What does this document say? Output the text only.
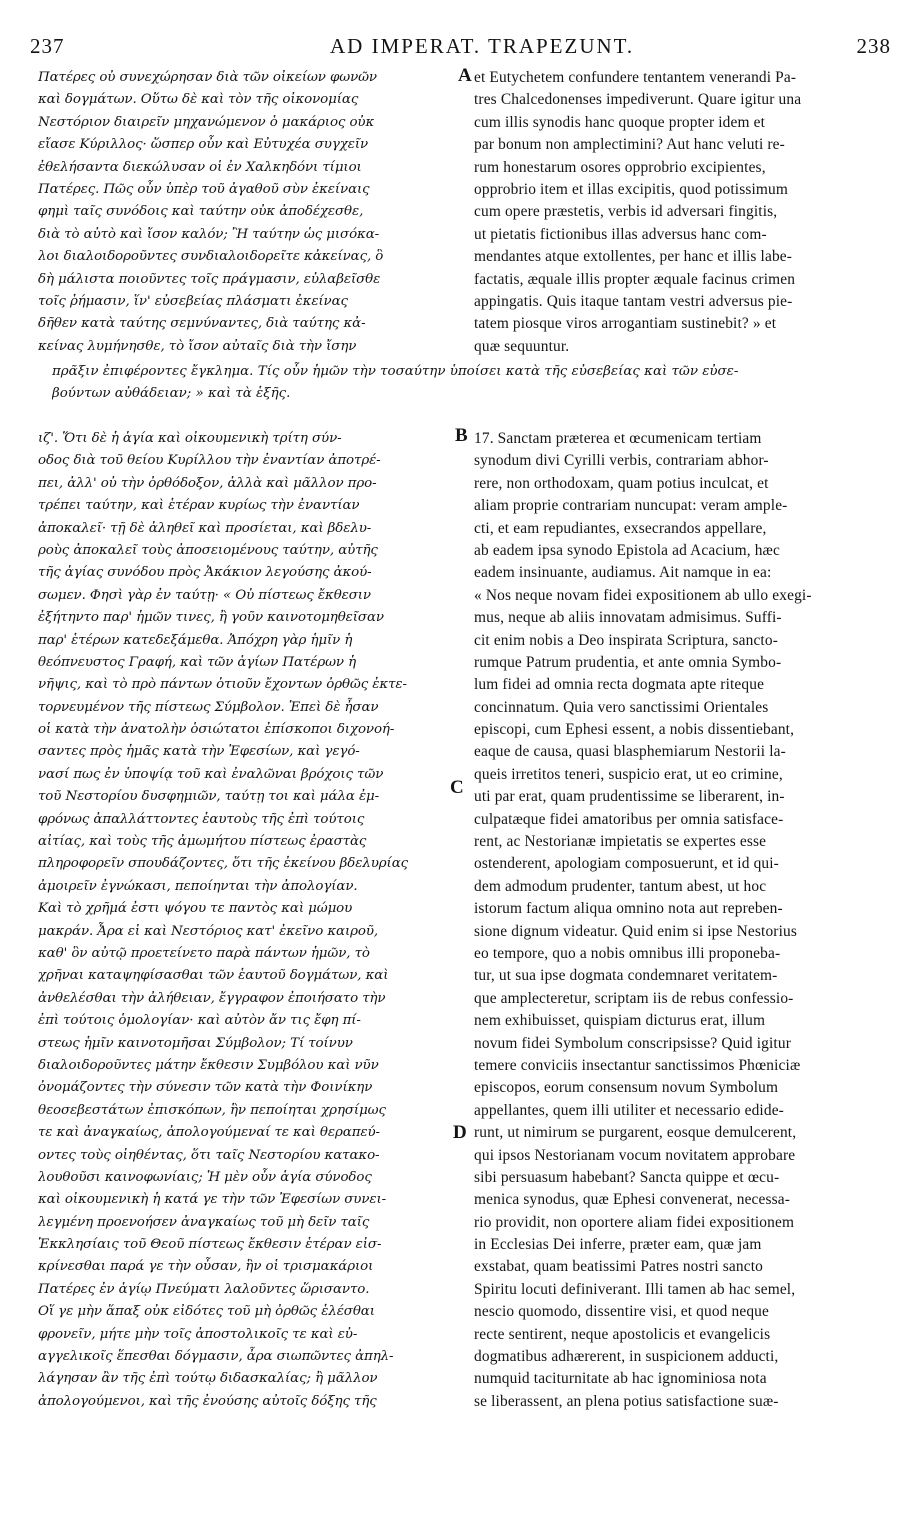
237	AD IMPERAT. TRAPEZUNT.	238
Πατέρες οὐ συνεχώρησαν διὰ τῶν οἰκείων φωνῶν
καὶ δογμάτων. Οὕτω δὲ καὶ τὸν τῆς οἰκονομίας
Νεστόριον διαιρεῖν μηχανώμενον ὁ μακάριος οὐκ
εἴασε Κύριλλος· ὥσπερ οὖν καὶ Εὐτυχέα συγχεῖν
ἐθελήσαντα διεκώλυσαν οἱ ἐν Χαλκηδόνι τίμιοι
Πατέρες. Πῶς οὖν ὑπὲρ τοῦ ἀγαθοῦ σὺν ἐκείναις
φημὶ ταῖς συνόδοις καὶ ταύτην οὐκ ἀποδέχεσθε,
διὰ τὸ αὐτὸ καὶ ἴσον καλόν; Ἢ ταύτην ὡς μισόκα-
λοι διαλοιδοροῦντες συνδιαλοιδορεῖτε κἀκείνας, ὃ
δὴ μάλιστα ποιοῦντες τοῖς πράγμασιν, εὐλαβεῖσθε
τοῖς ῥήμασιν, ἵν' εὐσεβείας πλάσματι ἐκείνας
δῆθεν κατὰ ταύτης σεμνύναντες, διὰ ταύτης κἀ-
κείνας λυμήνησθε, τὸ ἴσον αὐταῖς διὰ τὴν ἴσην
et Eutychetem confundere tentantem venerandi Pa-
tres Chalcedonenses impediverunt. Quare igitur una
cum illis synodis hanc quoque propter idem et
par bonum non amplectimini? Aut hanc veluti re-
rum honestarum osores opprobrio excipientes,
opprobrio item et illas excipitis, quod potissimum
cum opere præstetis, verbis id adversari fingitis,
ut pietatis fictionibus illas adversus hanc com-
mendantes atque extollentes, per hanc et illis labe-
factatis, æquale illis propter æquale facinus crimen
appingatis. Quis itaque tantam vestri adversus pie-
tatem piosque viros arrogantiam sustinebit? » et
quæ sequuntur.
πρᾶξιν ἐπιφέροντες ἔγκλημα. Τίς οὖν ἡμῶν τὴν τοσαύτην ὑποίσει κατὰ τῆς εὐσεβείας καὶ τῶν εὐσε-
βούντων αὐθάδειαν; » καὶ τὰ ἑξῆς.
ιζ'. Ὅτι δὲ ἡ ἁγία καὶ οἰκουμενικὴ τρίτη σύν-
οδος διὰ τοῦ θείου Κυρίλλου τὴν ἐναντίαν ἀποτρέ-
πει, ἀλλ' οὐ τὴν ὀρθόδοξον, ἀλλὰ καὶ μᾶλλον προ-
τρέπει ταύτην, καὶ ἑτέραν κυρίως τὴν ἐναντίαν
ἀποκαλεῖ· τῇ δὲ ἀληθεῖ καὶ προσίεται, καὶ βδελυ-
ροὺς ἀποκαλεῖ τοὺς ἀποσειομένους ταύτην, αὐτῆς
τῆς ἁγίας συνόδου πρὸς Ἀκάκιον λεγούσης ἀκού-
σωμεν. Φησὶ γὰρ ἐν ταύτῃ· « Οὐ πίστεως ἔκθεσιν
ἐξήτηντο παρ' ἡμῶν τινες, ἢ γοῦν καινοτομηθεῖσαν
παρ' ἑτέρων κατεδεξάμεθα. Ἀπόχρη γὰρ ἡμῖν ἡ
θεόπνευστος Γραφή, καὶ τῶν ἁγίων Πατέρων ἡ
νῆψις, καὶ τὸ πρὸ πάντων ὁτιοῦν ἔχοντων ὀρθῶς ἐκτε-
τορνευμένον τῆς πίστεως Σύμβολον. Ἐπεὶ δὲ ἦσαν
οἱ κατὰ τὴν ἀνατολὴν ὁσιώτατοι ἐπίσκοποι διχονοή-
σαντες πρὸς ἡμᾶς κατὰ τὴν Ἐφεσίων, καὶ γεγό-
νασί πως ἐν ὑποψίᾳ τοῦ καὶ ἐναλῶναι βρόχοις τῶν
τοῦ Νεστορίου δυσφημιῶν, ταύτῃ τοι καὶ μάλα ἐμ-
φρόνως ἀπαλλάττοντες ἑαυτοὺς τῆς ἐπὶ τούτοις
αἰτίας, καὶ τοὺς τῆς ἀμωμήτου πίστεως ἐραστὰς
πληροφορεῖν σπουδάζοντες, ὅτι τῆς ἐκείνου βδελυρίας
ἀμοιρεῖν ἐγνώκασι, πεποίηνται τὴν ἀπολογίαν.
Καὶ τὸ χρῆμά ἐστι ψόγου τε παντὸς καὶ μώμου
μακράν. Ἆρα εἰ καὶ Νεστόριος κατ' ἐκεῖνο καιροῦ,
καθ' ὃν αὐτῷ προετείνετο παρὰ πάντων ἡμῶν, τὸ
χρῆναι καταψηφίσασθαι τῶν ἑαυτοῦ δογμάτων, καὶ
ἀνθελέσθαι τὴν ἀλήθειαν, ἔγγραφον ἐποιήσατο τὴν
ἐπὶ τούτοις ὁμολογίαν· καὶ αὐτὸν ἄν τις ἔφη πί-
στεως ἡμῖν καινοτομῆσαι Σύμβολον; Τί τοίνυν
διαλοιδοροῦντες μάτην ἔκθεσιν Συμβόλου καὶ νῦν
ὀνομάζοντες τὴν σύνεσιν τῶν κατὰ τὴν Φοινίκην
θεοσεβεστάτων ἐπισκόπων, ἣν πεποίηται χρησίμως
τε καὶ ἀναγκαίως, ἀπολογούμεναί τε καὶ θεραπεύ-
οντες τοὺς οἰηθέντας, ὅτι ταῖς Νεστορίου κατακο-
λουθοῦσι καινοφωνίαις; Ἡ μὲν οὖν ἁγία σύνοδος
καὶ οἰκουμενικὴ ἡ κατά γε τὴν τῶν Ἐφεσίων συνει-
λεγμένη προενοήσεν ἀναγκαίως τοῦ μὴ δεῖν ταῖς
Ἐκκλησίαις τοῦ Θεοῦ πίστεως ἔκθεσιν ἑτέραν εἰσ-
κρίνεσθαι παρά γε τὴν οὖσαν, ἣν οἱ τρισμακάριοι
Πατέρες ἐν ἁγίῳ Πνεύματι λαλοῦντες ὥρισαντο.
Οἵ γε μὴν ἅπαξ οὐκ εἰδότες τοῦ μὴ ὀρθῶς ἑλέσθαι
φρονεῖν, μήτε μὴν τοῖς ἀποστολικοῖς τε καὶ εὐ-
αγγελικοῖς ἕπεσθαι δόγμασιν, ἆρα σιωπῶντες ἀπηλ-
λάγησαν ἂν τῆς ἐπὶ τούτῳ διδασκαλίας; ἢ μᾶλλον
ἀπολογούμενοι, καὶ τῆς ἐνούσης αὐτοῖς δόξης τῆς
17. Sanctam præterea et œcumenicam tertiam
synodum divi Cyrilli verbis, contrariam abhor-
rere, non orthodoxam, quam potius inculcat, et
aliam proprie contrariam nuncupat: veram ample-
cti, et eam repudiantes, exsecrandos appellare,
ab eadem ipsa synodo Epistola ad Acacium, hæc
eadem insinuante, audiamus. Ait namque in ea:
« Nos neque novam fidei expositionem ab ullo exegi-
mus, neque ab aliis innovatam admisimus. Suffi-
cit enim nobis a Deo inspirata Scriptura, sancto-
rumque Patrum prudentia, et ante omnia Symbo-
lum fidei ad omnia recta dogmata apte riteque
concinnatum. Quia vero sanctissimi Orientales
episcopi, cum Ephesi essent, a nobis dissentiebant,
eaque de causa, quasi blasphemiarum Nestorii la-
queis irretitos teneri, suspicio erat, ut eo crimine,
uti par erat, quam prudentissime se liberarent, in-
culpatæque fidei amatoribus per omnia satisface-
rent, ac Nestorianæ impietatis se expertes esse
ostenderent, apologiam composuerunt, et id qui-
dem admodum prudenter, tantum abest, ut hoc
istorum factum aliqua omnino nota aut repreben-
sione dignum videatur. Quid enim si ipse Nestorius
eo tempore, quo a nobis omnibus illi proponeba-
tur, ut sua ipse dogmata condemnaret veritatem-
que amplecteretur, scriptam iis de rebus confessio-
nem exhibuisset, quispiam dicturus erat, illum
novum fidei Symbolum conscripsisse? Quid igitur
temere conviciis insectantur sanctissimos Phœniciæ
episcopos, eorum consensum novum Symbolum
appellantes, quem illi utiliter et necessario edide-
runt, ut nimirum se purgarent, eosque demulcerent,
qui ipsos Nestorianam vocum novitatem approbare
sibi persuasum habebant? Sancta quippe et œcu-
menica synodus, quæ Ephesi convenerat, necessa-
rio providit, non oportere aliam fidei expositionem
in Ecclesias Dei inferre, præter eam, quæ jam
exstabat, quam beatissimi Patres nostri sancto
Spiritu locuti definiverant. Illi tamen ab hac semel,
nescio quomodo, dissentire visi, et quod neque
recte sentirent, neque apostolicis et evangelicis
dogmatibus adhærerent, in suspicionem adducti,
numquid taciturnitate ab hac ignominiosa nota
se liberassent, an plena potius satisfactione suæ-
A
B
C
D
